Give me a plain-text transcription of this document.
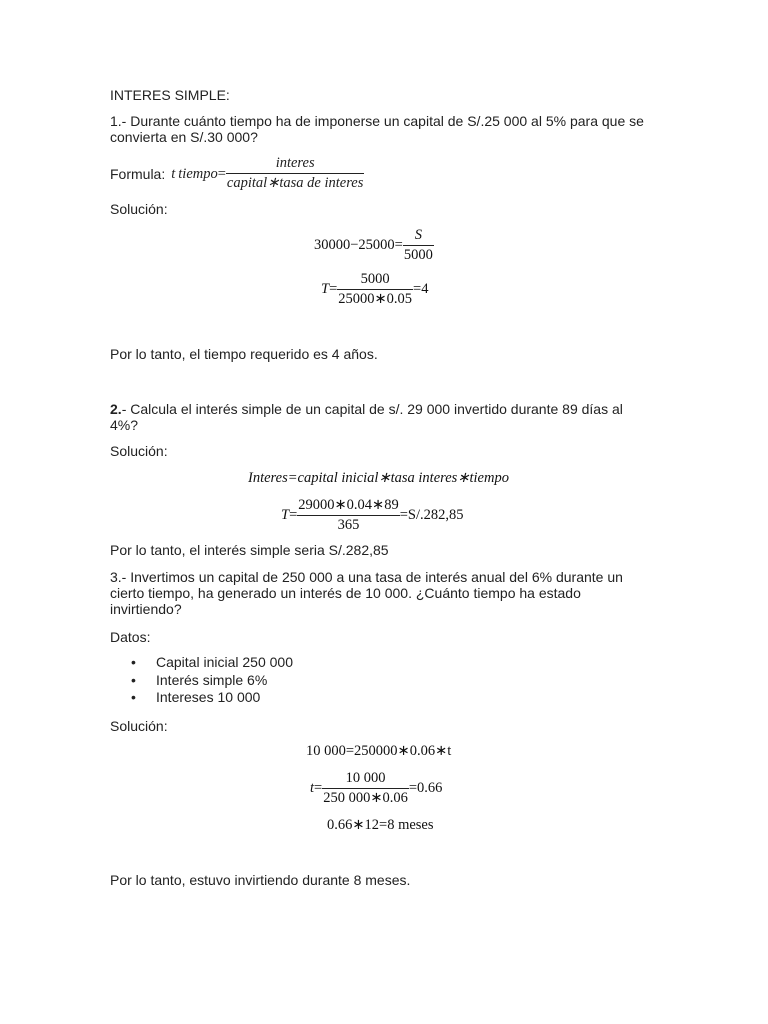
INTERES SIMPLE:
1.- Durante cuánto tiempo ha de imponerse un capital de S/.25 000 al 5% para que se
convierta en S/.30 000?
Formula: t tiempo = $\frac{\text{interes}}{\text{capital∗tasa de interes}}$
Solución:
$30000-25000= \frac{S}{5000}$
$T = \frac{5000}{25000∗0.05} =4$
Por lo tanto, el tiempo requerido es 4 años.
2.- Calcula el interés simple de un capital de s/. 29 000 invertido durante 89 días al
4%?
Solución:
Interes=capital inicial∗tasa interes∗tiempo
$T = \frac{29000∗0.04∗89}{365} =S/.282,85$
Por lo tanto, el interés simple seria S/.282,85
3.- Invertimos un capital de 250 000 a una tasa de interés anual del 6% durante un
cierto tiempo, ha generado un interés de 10 000. ¿Cuánto tiempo ha estado
invirtiendo?
Datos:
• Capital inicial 250 000
• Interés simple 6%
• Intereses 10 000
Solución:
10 000=250000∗0.06∗t
$t = \frac{10 000}{250 000∗0.06} =0.66$
0.66∗12=8 meses
Por lo tanto, estuvo invirtiendo durante 8 meses.
